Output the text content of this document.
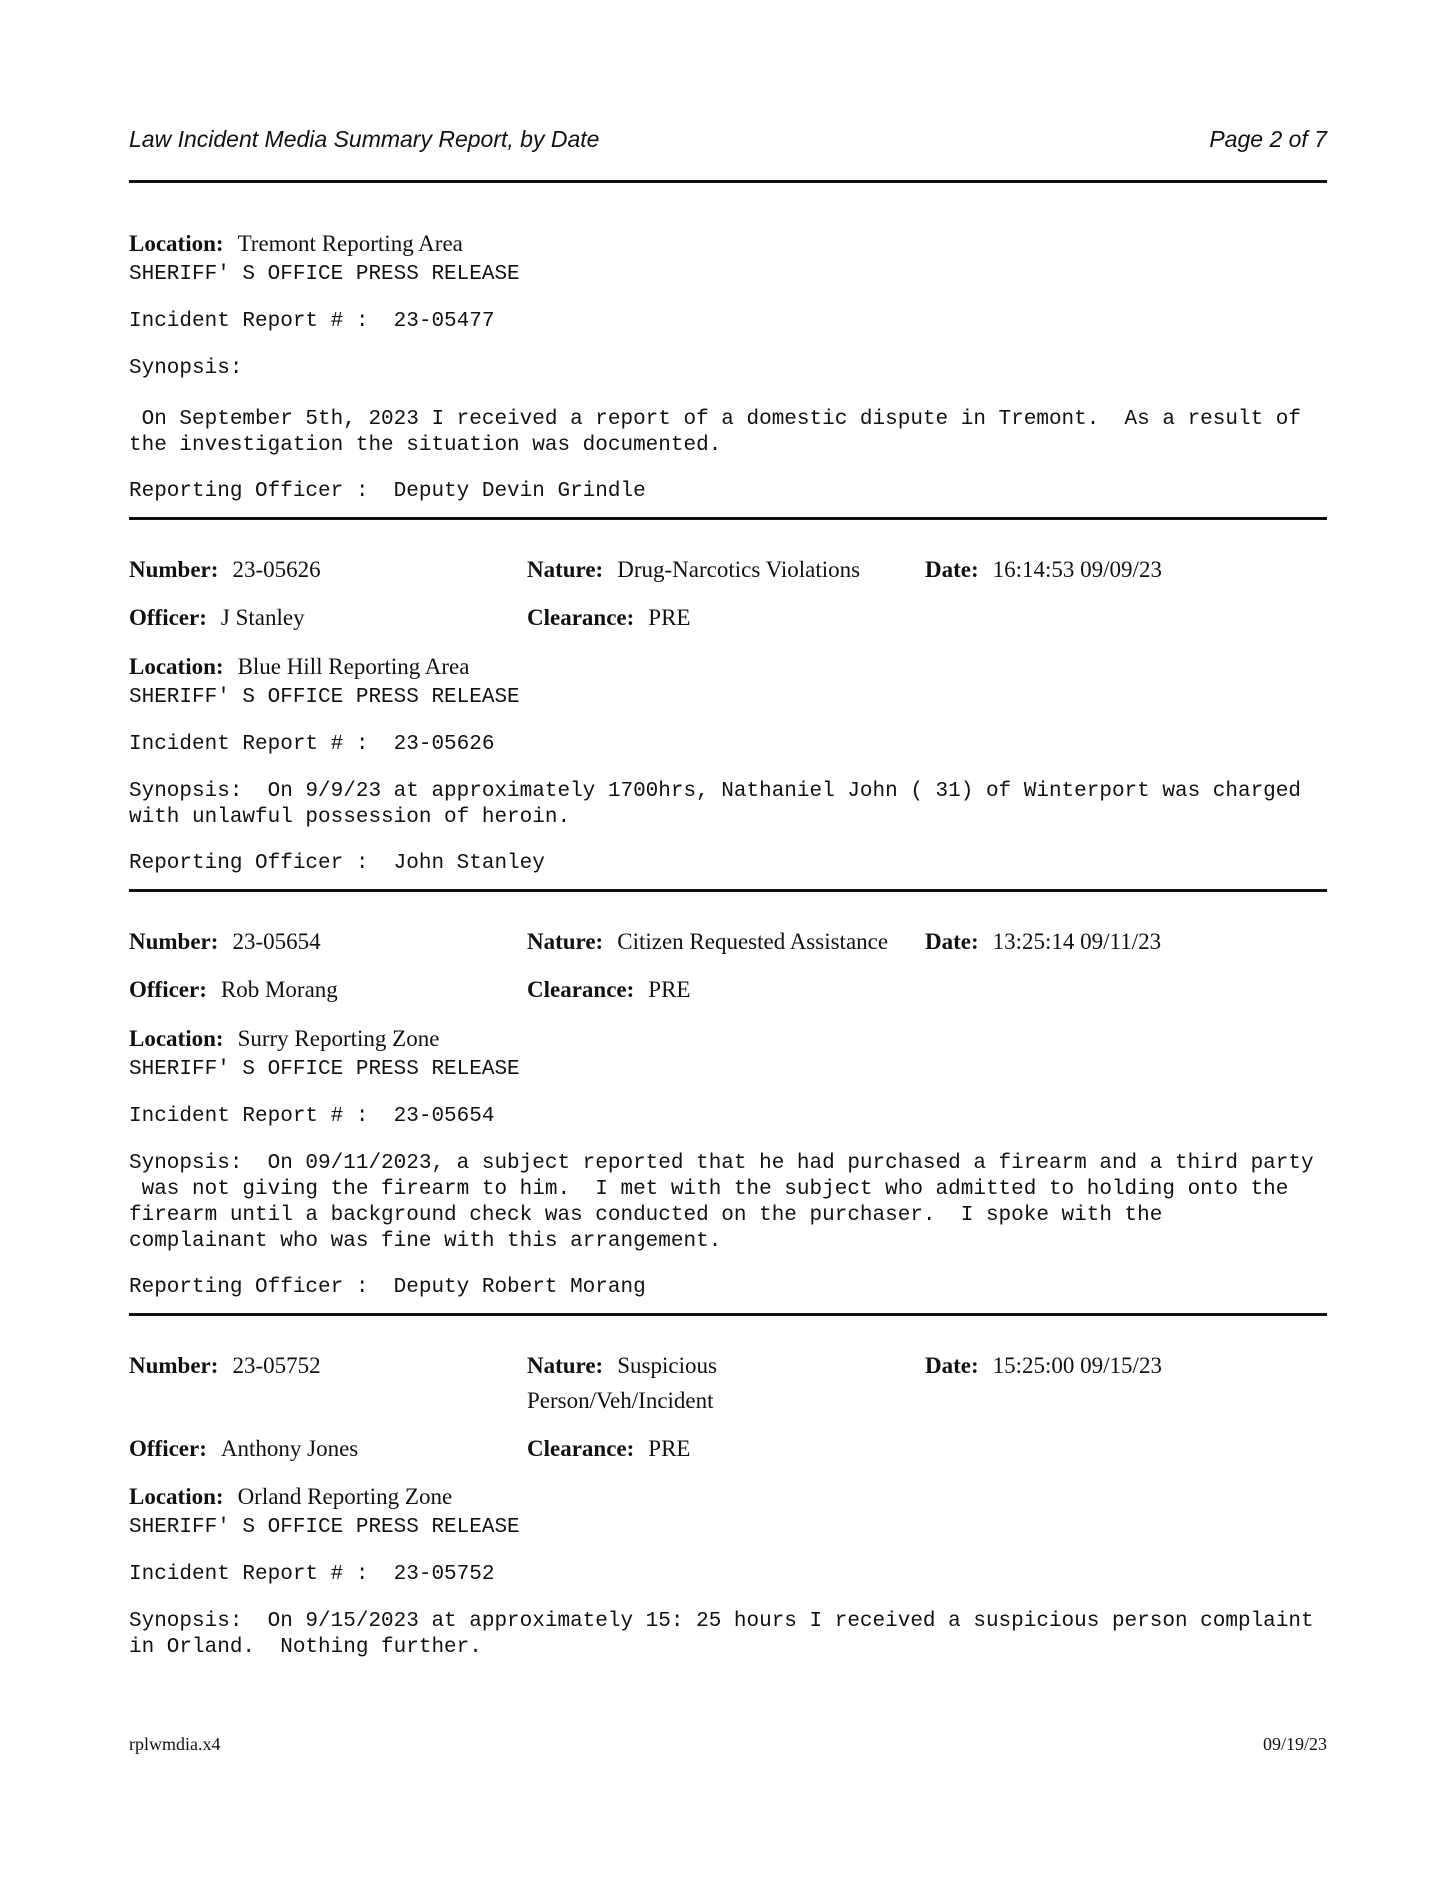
Law Incident Media Summary Report, by Date	Page 2 of 7
Location: Tremont Reporting Area
SHERIFF' S OFFICE PRESS RELEASE
Incident Report # :  23-05477
Synopsis:
On September 5th, 2023 I received a report of a domestic dispute in Tremont.  As a result of
the investigation the situation was documented.
Reporting Officer :  Deputy Devin Grindle
Number: 23-05626	Nature: Drug-Narcotics Violations	Date: 16:14:53 09/09/23
Officer: J Stanley	Clearance: PRE
Location: Blue Hill Reporting Area
SHERIFF' S OFFICE PRESS RELEASE
Incident Report # :  23-05626
Synopsis:  On 9/9/23 at approximately 1700hrs, Nathaniel John ( 31) of Winterport was charged
with unlawful possession of heroin.
Reporting Officer :  John Stanley
Number: 23-05654	Nature: Citizen Requested Assistance Date: 13:25:14 09/11/23
Officer: Rob Morang	Clearance: PRE
Location: Surry Reporting Zone
SHERIFF' S OFFICE PRESS RELEASE
Incident Report # :  23-05654
Synopsis:  On 09/11/2023, a subject reported that he had purchased a firearm and a third party
was not giving the firearm to him.  I met with the subject who admitted to holding onto the
firearm until a background check was conducted on the purchaser.  I spoke with the
complainant who was fine with this arrangement.
Reporting Officer :  Deputy Robert Morang
Number: 23-05752	Nature: Suspicious
Person/Veh/Incident
Date: 15:25:00 09/15/23
Officer: Anthony Jones	Clearance: PRE
Location: Orland Reporting Zone
SHERIFF' S OFFICE PRESS RELEASE
Incident Report # :  23-05752
Synopsis:  On 9/15/2023 at approximately 15: 25 hours I received a suspicious person complaint
in Orland.  Nothing further.
rplwmdia.x4	09/19/23
